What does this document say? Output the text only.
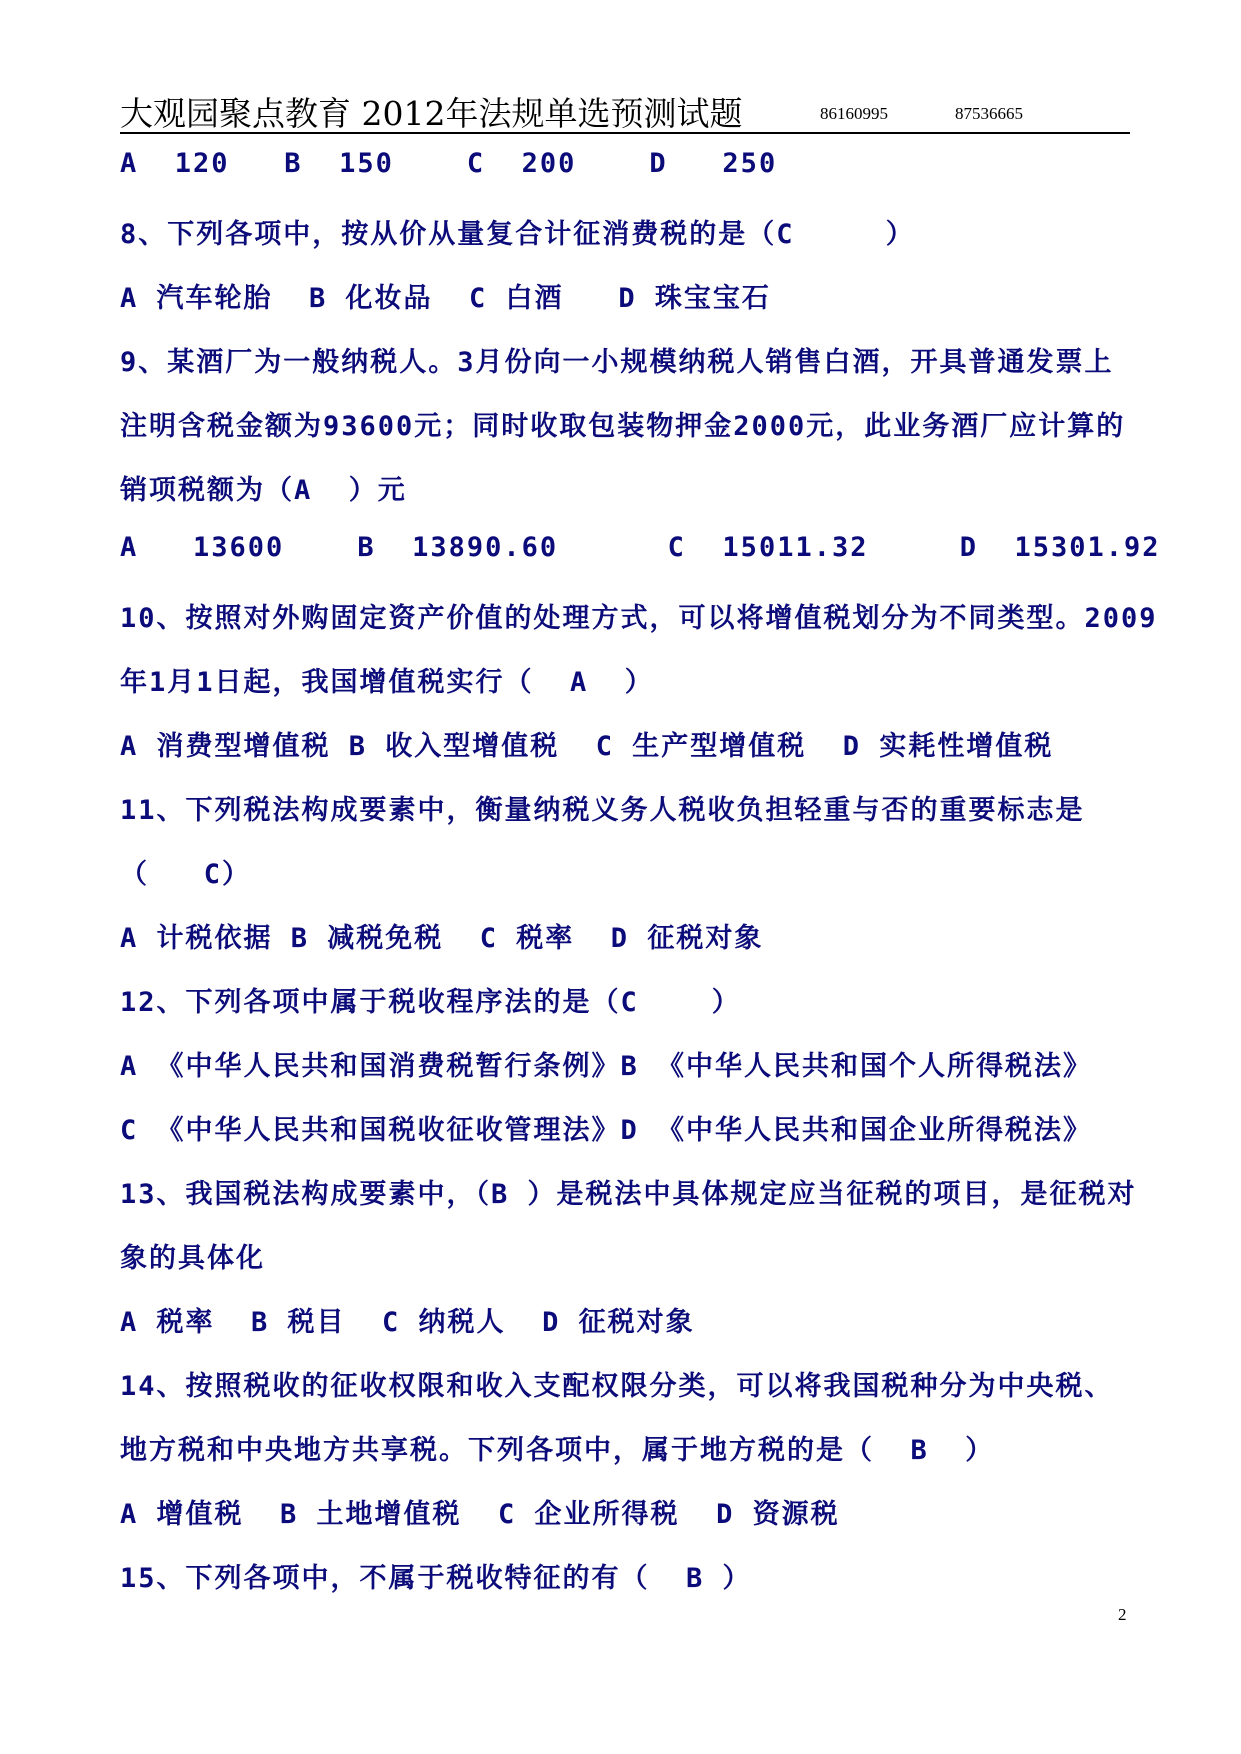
大观园聚点教育 2012年法规单选预测试题	86160995	87536665
A  120   B  150    C  200    D   250
8、下列各项中，按从价从量复合计征消费税的是（C     ）
A 汽车轮胎  B 化妆品  C 白酒   D 珠宝宝石
9、某酒厂为一般纳税人。3月份向一小规模纳税人销售白酒，开具普通发票上
注明含税金额为93600元；同时收取包装物押金2000元，此业务酒厂应计算的
销项税额为（A  ）元
A   13600    B  13890.60      C  15011.32     D  15301.92
10、按照对外购固定资产价值的处理方式，可以将增值税划分为不同类型。2009
年1月1日起，我国增值税实行（  A  ）
A 消费型增值税 B 收入型增值税  C 生产型增值税  D 实耗性增值税
11、下列税法构成要素中，衡量纳税义务人税收负担轻重与否的重要标志是
（   C）
A 计税依据 B 减税免税  C 税率  D 征税对象
12、下列各项中属于税收程序法的是（C    ）
A 《中华人民共和国消费税暂行条例》B 《中华人民共和国个人所得税法》
C 《中华人民共和国税收征收管理法》D 《中华人民共和国企业所得税法》
13、我国税法构成要素中，（B ）是税法中具体规定应当征税的项目，是征税对
象的具体化
A 税率  B 税目  C 纳税人  D 征税对象
14、按照税收的征收权限和收入支配权限分类，可以将我国税种分为中央税、
地方税和中央地方共享税。下列各项中，属于地方税的是（  B  ）
A 增值税  B 土地增值税  C 企业所得税  D 资源税
15、下列各项中，不属于税收特征的有（  B ）
2
